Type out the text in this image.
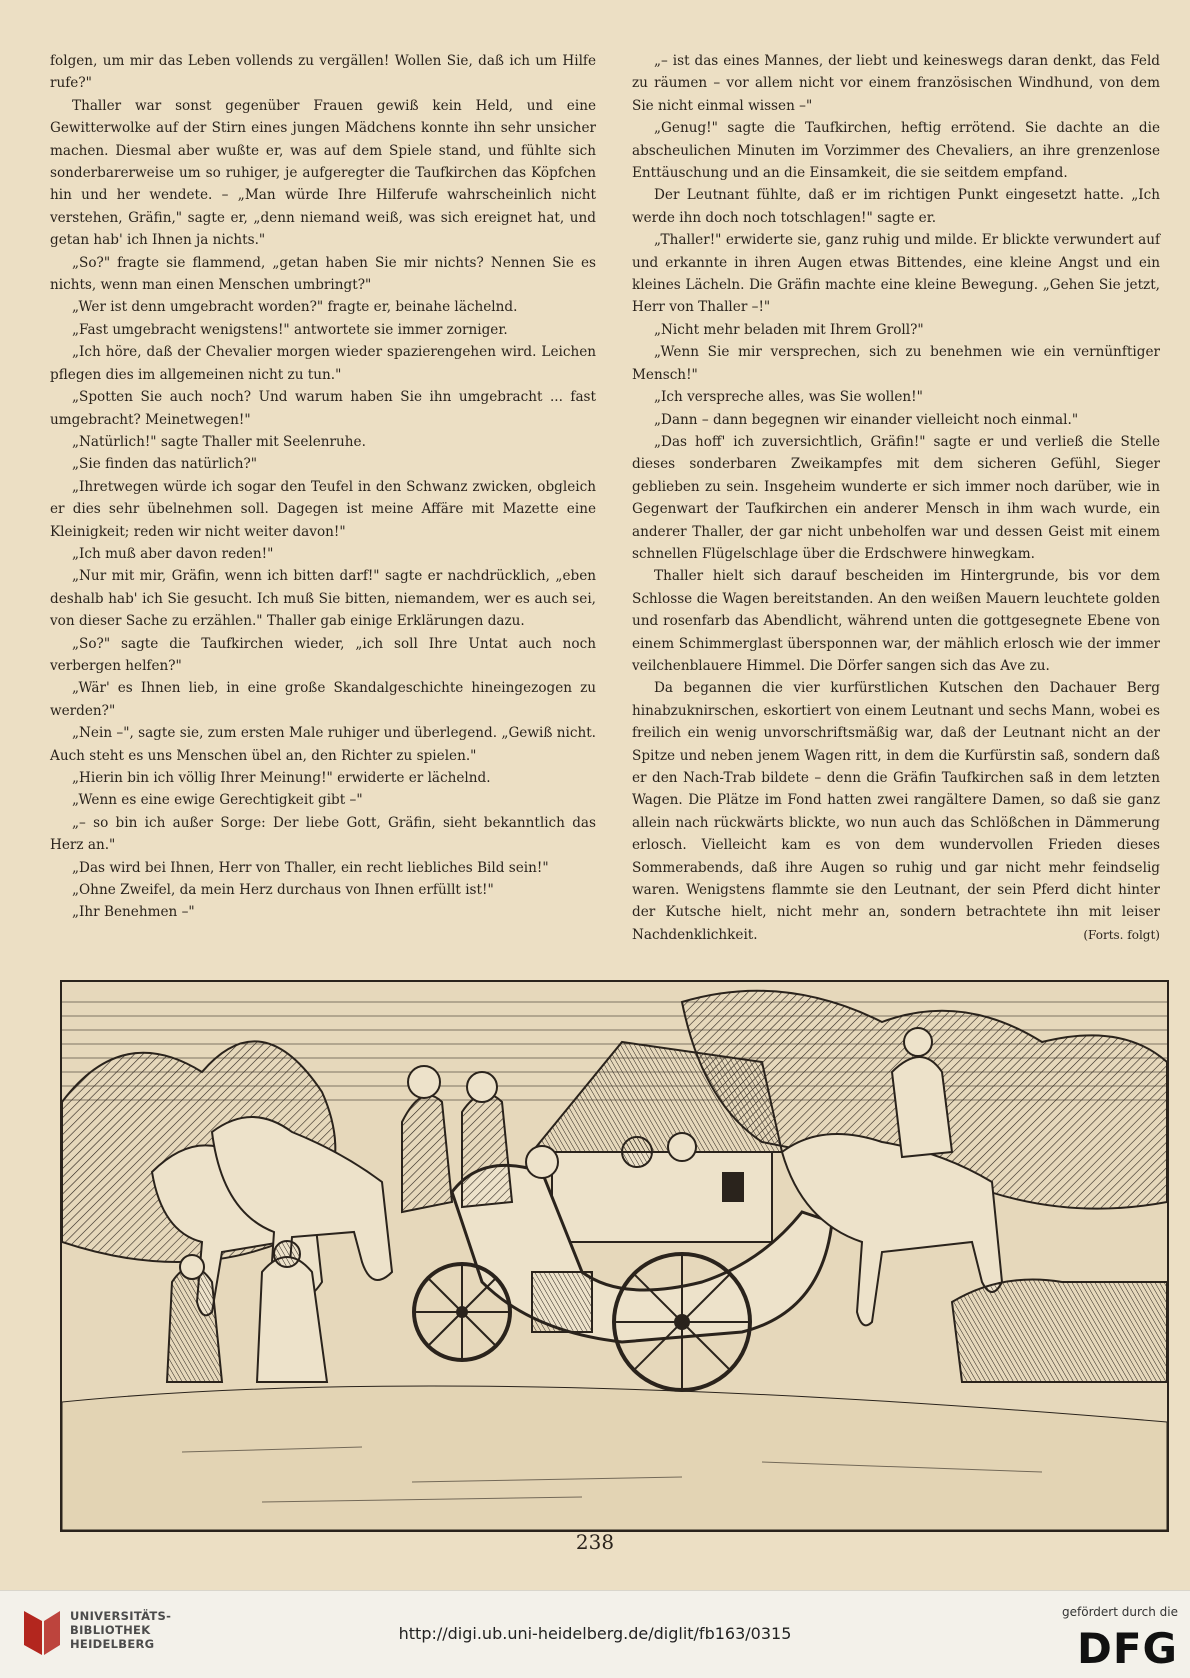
folgen, um mir das Leben vollends zu vergällen! Wollen Sie, daß ich um Hilfe rufe?"

Thaller war sonst gegenüber Frauen gewiß kein Held, und eine Gewitterwolke auf der Stirn eines jungen Mädchens konnte ihn sehr unsicher machen. Diesmal aber wußte er, was auf dem Spiele stand, und fühlte sich sonderbarerweise um so ruhiger, je aufgeregter die Taufkirchen das Köpfchen hin und her wendete. – „Man würde Ihre Hilferufe wahrscheinlich nicht verstehen, Gräfin," sagte er, „denn niemand weiß, was sich ereignet hat, und getan hab' ich Ihnen ja nichts."

„So?" fragte sie flammend, „getan haben Sie mir nichts? Nennen Sie es nichts, wenn man einen Menschen umbringt?"

„Wer ist denn umgebracht worden?" fragte er, beinahe lächelnd.

„Fast umgebracht wenigstens!" antwortete sie immer zorniger.

„Ich höre, daß der Chevalier morgen wieder spazierengehen wird. Leichen pflegen dies im allgemeinen nicht zu tun."

„Spotten Sie auch noch? Und warum haben Sie ihn umgebracht ... fast umgebracht? Meinetwegen!"

„Natürlich!" sagte Thaller mit Seelenruhe.

„Sie finden das natürlich?"

„Ihretwegen würde ich sogar den Teufel in den Schwanz zwicken, obgleich er dies sehr übelnehmen soll. Dagegen ist meine Affäre mit Mazette eine Kleinigkeit; reden wir nicht weiter davon!"

„Ich muß aber davon reden!"

„Nur mit mir, Gräfin, wenn ich bitten darf!" sagte er nachdrücklich, „eben deshalb hab' ich Sie gesucht. Ich muß Sie bitten, niemandem, wer es auch sei, von dieser Sache zu erzählen." Thaller gab einige Erklärungen dazu.

„So?" sagte die Taufkirchen wieder, „ich soll Ihre Untat auch noch verbergen helfen?"

„Wär' es Ihnen lieb, in eine große Skandalgeschichte hineingezogen zu werden?"

„Nein –", sagte sie, zum ersten Male ruhiger und überlegend. „Gewiß nicht. Auch steht es uns Menschen übel an, den Richter zu spielen."

„Hierin bin ich völlig Ihrer Meinung!" erwiderte er lächelnd.

„Wenn es eine ewige Gerechtigkeit gibt –"

„– so bin ich außer Sorge: Der liebe Gott, Gräfin, sieht bekanntlich das Herz an."

„Das wird bei Ihnen, Herr von Thaller, ein recht liebliches Bild sein!"

„Ohne Zweifel, da mein Herz durchaus von Ihnen erfüllt ist!"

„Ihr Benehmen –"

„– ist das eines Mannes, der liebt und keineswegs daran denkt, das Feld zu räumen – vor allem nicht vor einem französischen Windhund, von dem Sie nicht einmal wissen –"

„Genug!" sagte die Taufkirchen, heftig errötend. Sie dachte an die abscheulichen Minuten im Vorzimmer des Chevaliers, an ihre grenzenlose Enttäuschung und an die Einsamkeit, die sie seitdem empfand.

Der Leutnant fühlte, daß er im richtigen Punkt eingesetzt hatte. „Ich werde ihn doch noch totschlagen!" sagte er.

„Thaller!" erwiderte sie, ganz ruhig und milde. Er blickte verwundert auf und erkannte in ihren Augen etwas Bittendes, eine kleine Angst und ein kleines Lächeln. Die Gräfin machte eine kleine Bewegung. „Gehen Sie jetzt, Herr von Thaller –!"

„Nicht mehr beladen mit Ihrem Groll?"

„Wenn Sie mir versprechen, sich zu benehmen wie ein vernünftiger Mensch!"

„Ich verspreche alles, was Sie wollen!"

„Dann – dann begegnen wir einander vielleicht noch einmal."

„Das hoff' ich zuversichtlich, Gräfin!" sagte er und verließ die Stelle dieses sonderbaren Zweikampfes mit dem sicheren Gefühl, Sieger geblieben zu sein. Insgeheim wunderte er sich immer noch darüber, wie in Gegenwart der Taufkirchen ein anderer Mensch in ihm wach wurde, ein anderer Thaller, der gar nicht unbeholfen war und dessen Geist mit einem schnellen Flügelschlage über die Erdschwere hinwegkam.

Thaller hielt sich darauf bescheiden im Hintergrunde, bis vor dem Schlosse die Wagen bereitstanden. An den weißen Mauern leuchtete golden und rosenfarb das Abendlicht, während unten die gottgesegnete Ebene von einem Schimmerglast übersponnen war, der mählich erlosch wie der immer veilchenblauere Himmel. Die Dörfer sangen sich das Ave zu.

Da begannen die vier kurfürstlichen Kutschen den Dachauer Berg hinabzuknirschen, eskortiert von einem Leutnant und sechs Mann, wobei es freilich ein wenig unvorschriftsmäßig war, daß der Leutnant nicht an der Spitze und neben jenem Wagen ritt, in dem die Kurfürstin saß, sondern daß er den Nach-Trab bildete – denn die Gräfin Taufkirchen saß in dem letzten Wagen. Die Plätze im Fond hatten zwei rangältere Damen, so daß sie ganz allein nach rückwärts blickte, wo nun auch das Schlößchen in Dämmerung erlosch. Vielleicht kam es von dem wundervollen Frieden dieses Sommerabends, daß ihre Augen so ruhig und gar nicht mehr feindselig waren. Wenigstens flammte sie den Leutnant, der sein Pferd dicht hinter der Kutsche hielt, nicht mehr an, sondern betrachtete ihn mit leiser Nachdenklichkeit.	(Forts. folgt)

238
UNIVERSITÄTS-
BIBLIOTHEK
HEIDELBERG
http://digi.ub.uni-heidelberg.de/diglit/fb163/0315
gefördert durch die
DFG
